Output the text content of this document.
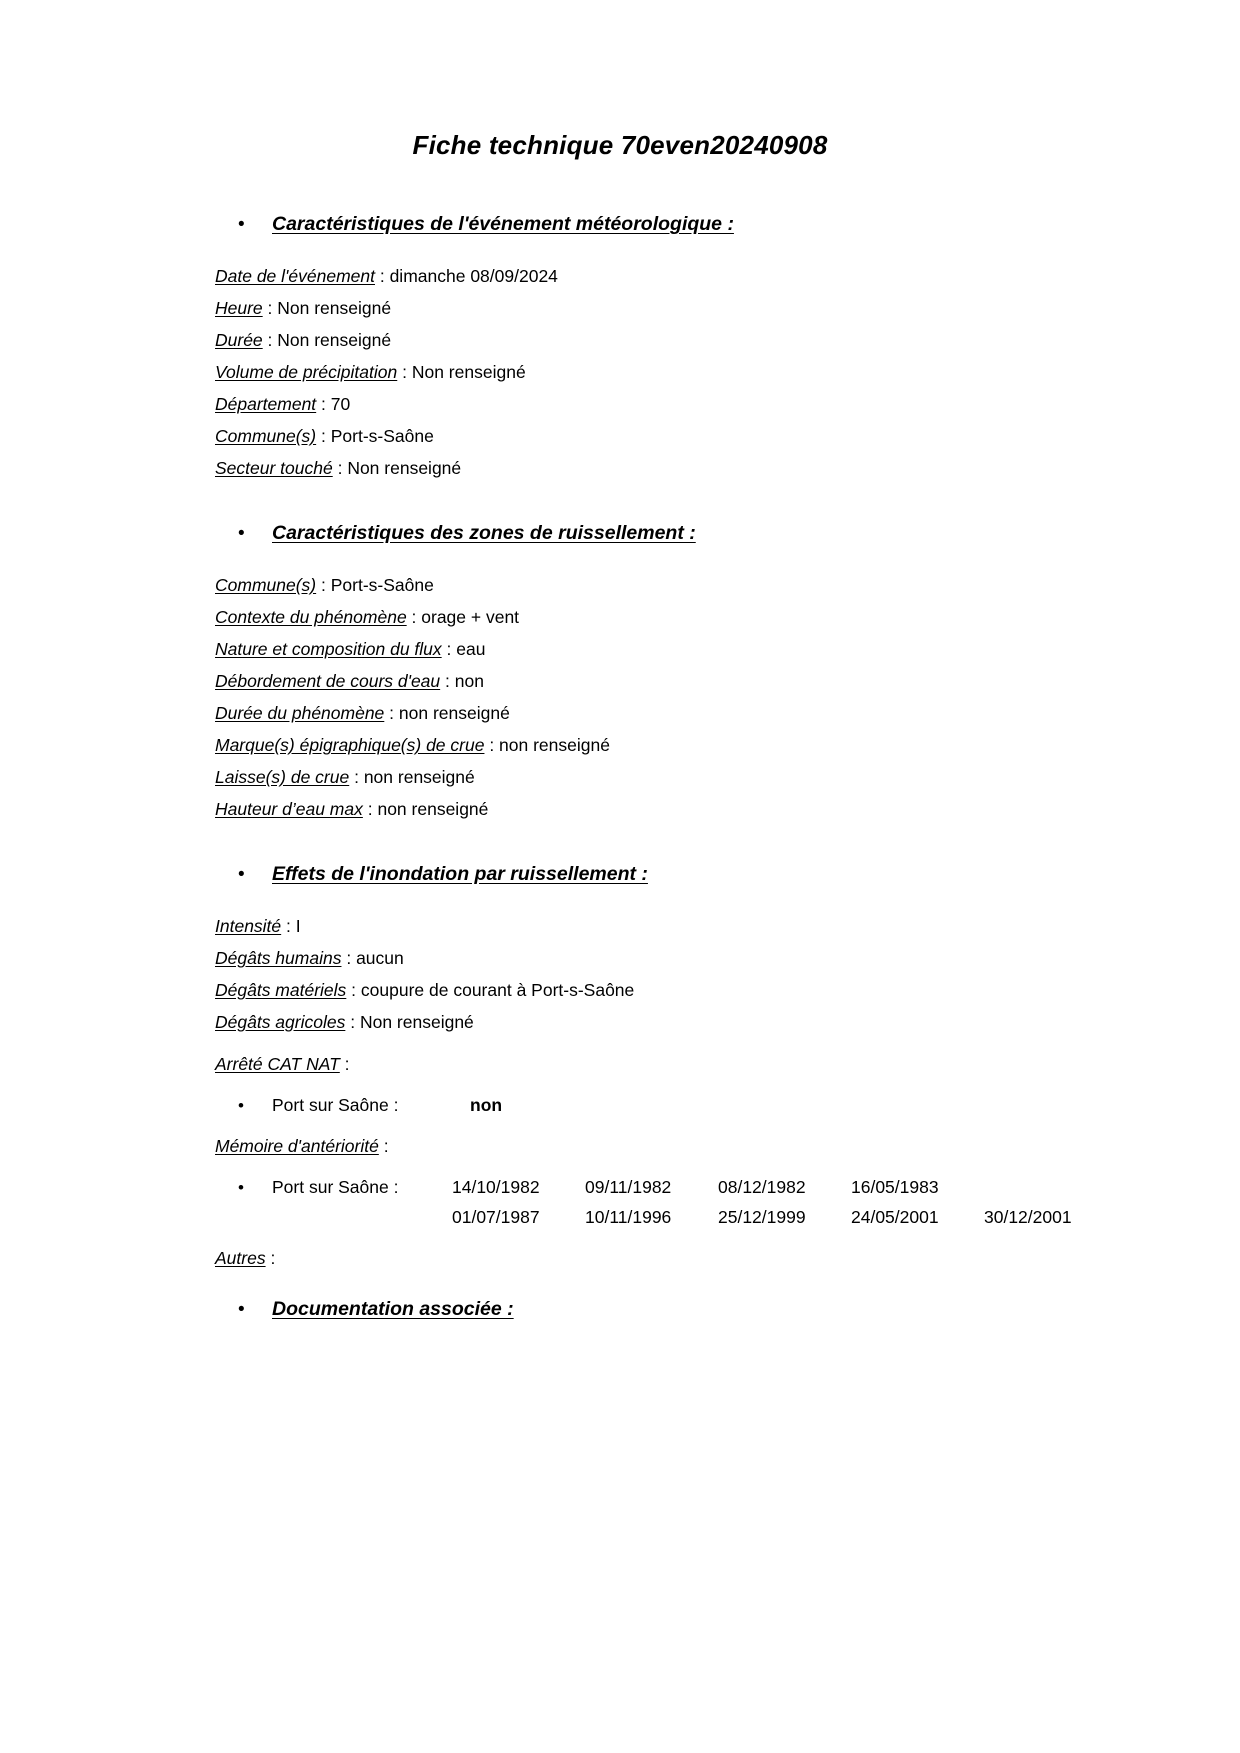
Fiche technique 70even20240908
•	Caractéristiques de l'événement météorologique :
Date de l'événement : dimanche 08/09/2024
Heure : Non renseigné
Durée : Non renseigné
Volume de précipitation : Non renseigné
Département : 70
Commune(s) : Port-s-Saône
Secteur touché : Non renseigné
•	Caractéristiques des zones de ruissellement :
Commune(s) : Port-s-Saône
Contexte du phénomène : orage + vent
Nature et composition du flux : eau
Débordement de cours d'eau : non
Durée du phénomène : non renseigné
Marque(s) épigraphique(s) de crue : non renseigné
Laisse(s) de crue : non renseigné
Hauteur d’eau max : non renseigné
•	Effets de l'inondation par ruissellement :
Intensité : I
Dégâts humains : aucun
Dégâts matériels : coupure de courant à Port-s-Saône
Dégâts agricoles : Non renseigné
Arrêté CAT NAT :
•	Port sur Saône :	non
Mémoire d'antériorité :
•	Port sur Saône :	14/10/1982	09/11/1982	08/12/1982	16/05/1983
01/07/1987	10/11/1996	25/12/1999	24/05/2001	30/12/2001
Autres :
•	Documentation associée :
